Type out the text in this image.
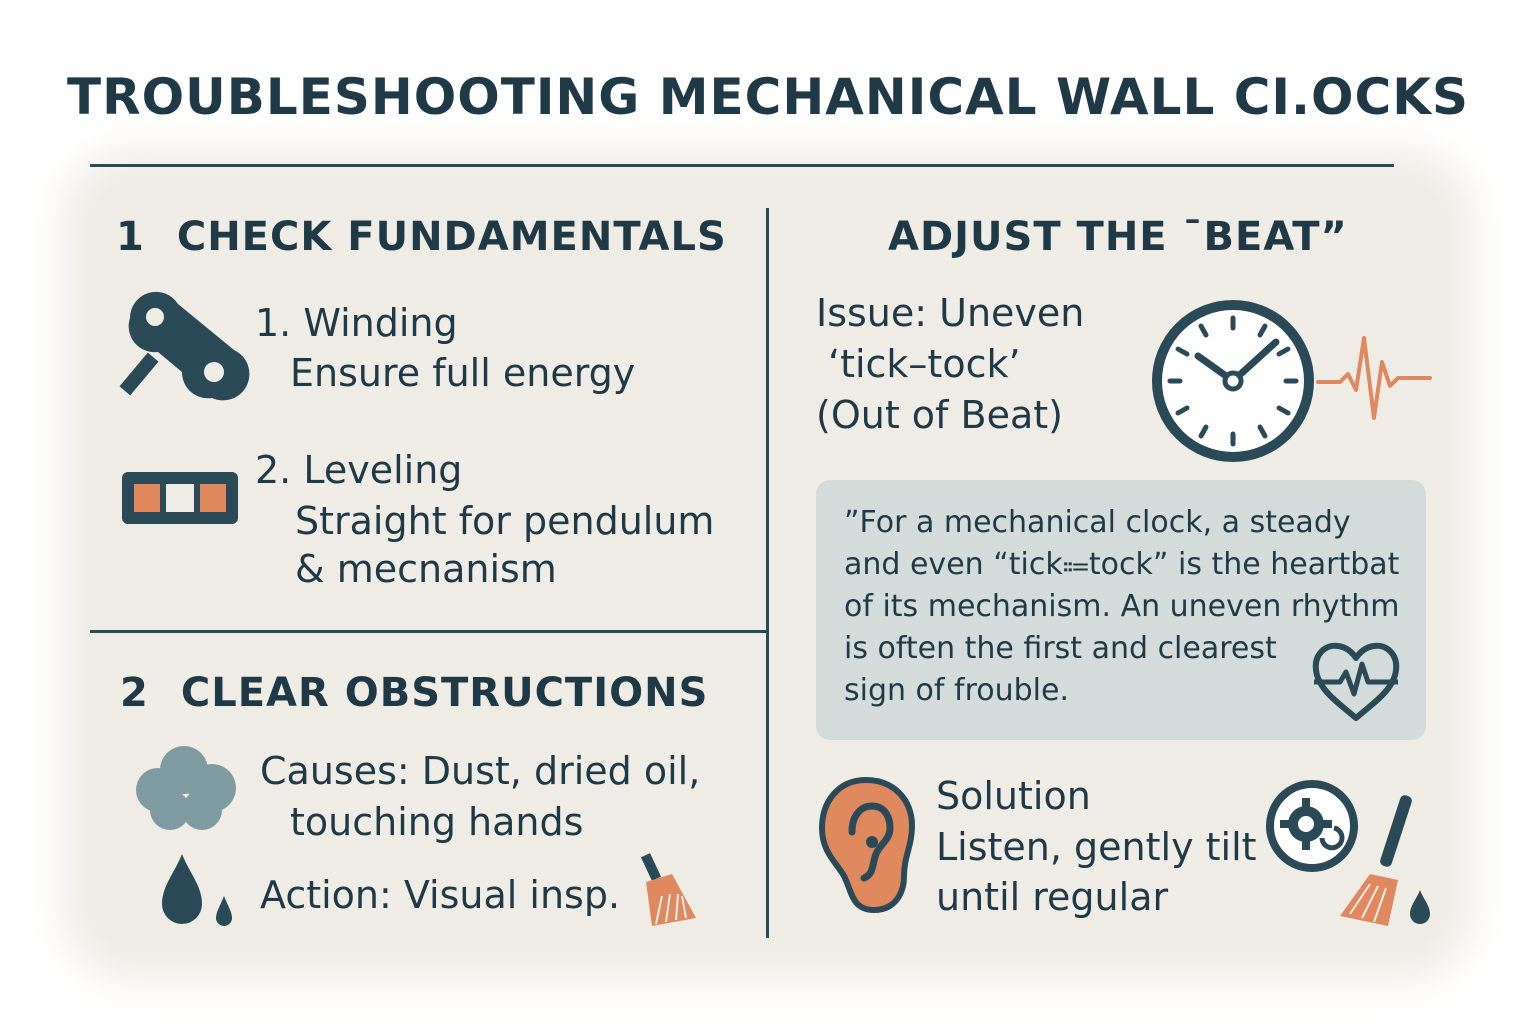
TROUBLESHOOTING MECHANICAL WALL CI.OCKS
1 CHECK FUNDAMENTALS
1. Winding
Ensure full energy
2. Leveling
Straight for pendulum
& mecnanism
2 CLEAR OBSTRUCTIONS
Causes: Dust, dried oil,
touching hands
Action: Visual insp.
ADJUST THE ˉBEAT”
Issue: Uneven
‘tick–tock’
(Out of Beat)
”For a mechanical clock, a steady
and even “tick⩴tock” is the heartbat
of its mechanism. An uneven rhythm
is often the first and clearest
sign of frouble.
Solution
Listen, gently tilt
until regular
